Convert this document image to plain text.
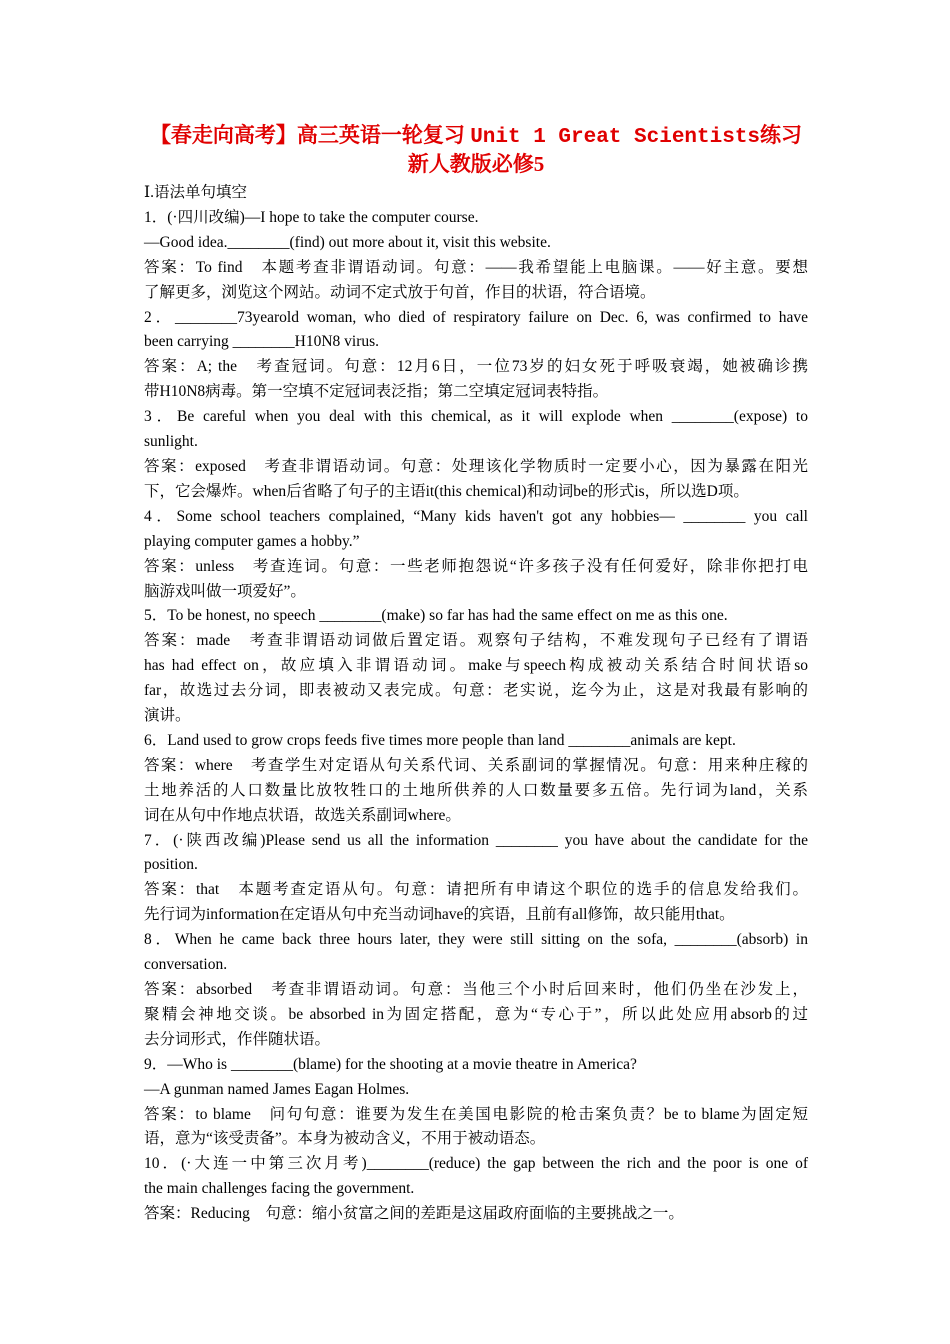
【春走向高考】高三英语一轮复习 Unit 1 Great Scientists练习
新人教版必修5
Ⅰ.语法单句填空
1．(·四川改编)—I hope to take the computer course.
—Good idea.________(find) out more about it, visit this website.
答案：To find　本题考查非谓语动词。句意：——我希望能上电脑课。——好主意。要想
了解更多，浏览这个网站。动词不定式放于句首，作目的状语，符合语境。
2．________73yearold woman, who died of respiratory failure on Dec. 6, was confirmed to have
been carrying ________H10N8 virus.
答案：A; the　考查冠词。句意：12月6日，一位73岁的妇女死于呼吸衰竭，她被确诊携
带H10N8病毒。第一空填不定冠词表泛指；第二空填定冠词表特指。
3．Be careful when you deal with this chemical, as it will explode when ________(expose) to
sunlight.
答案：exposed　考查非谓语动词。句意：处理该化学物质时一定要小心，因为暴露在阳光
下，它会爆炸。when后省略了句子的主语it(this chemical)和动词be的形式is，所以选D项。
4．Some school teachers complained, “Many kids haven't got any hobbies— ________ you call
playing computer games a hobby.”
答案：unless　考查连词。句意：一些老师抱怨说“许多孩子没有任何爱好，除非你把打电
脑游戏叫做一项爱好”。
5．To be honest, no speech ________(make) so far has had the same effect on me as this one.
答案：made　考查非谓语动词做后置定语。观察句子结构，不难发现句子已经有了谓语
has had effect on，故应填入非谓语动词。make与speech构成被动关系结合时间状语so
far，故选过去分词，即表被动又表完成。句意：老实说，迄今为止，这是对我最有影响的
演讲。
6．Land used to grow crops feeds five times more people than land ________animals are kept.
答案：where　考查学生对定语从句关系代词、关系副词的掌握情况。句意：用来种庄稼的
土地养活的人口数量比放牧牲口的土地所供养的人口数量要多五倍。先行词为land，关系
词在从句中作地点状语，故选关系副词where。
7．(·陕西改编)Please send us all the information ________ you have about the candidate for the
position.
答案：that　本题考查定语从句。句意：请把所有申请这个职位的选手的信息发给我们。
先行词为information在定语从句中充当动词have的宾语，且前有all修饰，故只能用that。
8．When he came back three hours later, they were still sitting on the sofa, ________(absorb) in
conversation.
答案：absorbed　考查非谓语动词。句意：当他三个小时后回来时，他们仍坐在沙发上，
聚精会神地交谈。be absorbed in为固定搭配，意为“专心于”，所以此处应用absorb的过
去分词形式，作伴随状语。
9．—Who is ________(blame) for the shooting at a movie theatre in America?
—A gunman named James Eagan Holmes.
答案：to blame　问句句意：谁要为发生在美国电影院的枪击案负责？be to blame为固定短
语，意为“该受责备”。本身为被动含义，不用于被动语态。
10．(·大连一中第三次月考)________(reduce) the gap between the rich and the poor is one of
the main challenges facing the government.
答案：Reducing　句意：缩小贫富之间的差距是这届政府面临的主要挑战之一。
